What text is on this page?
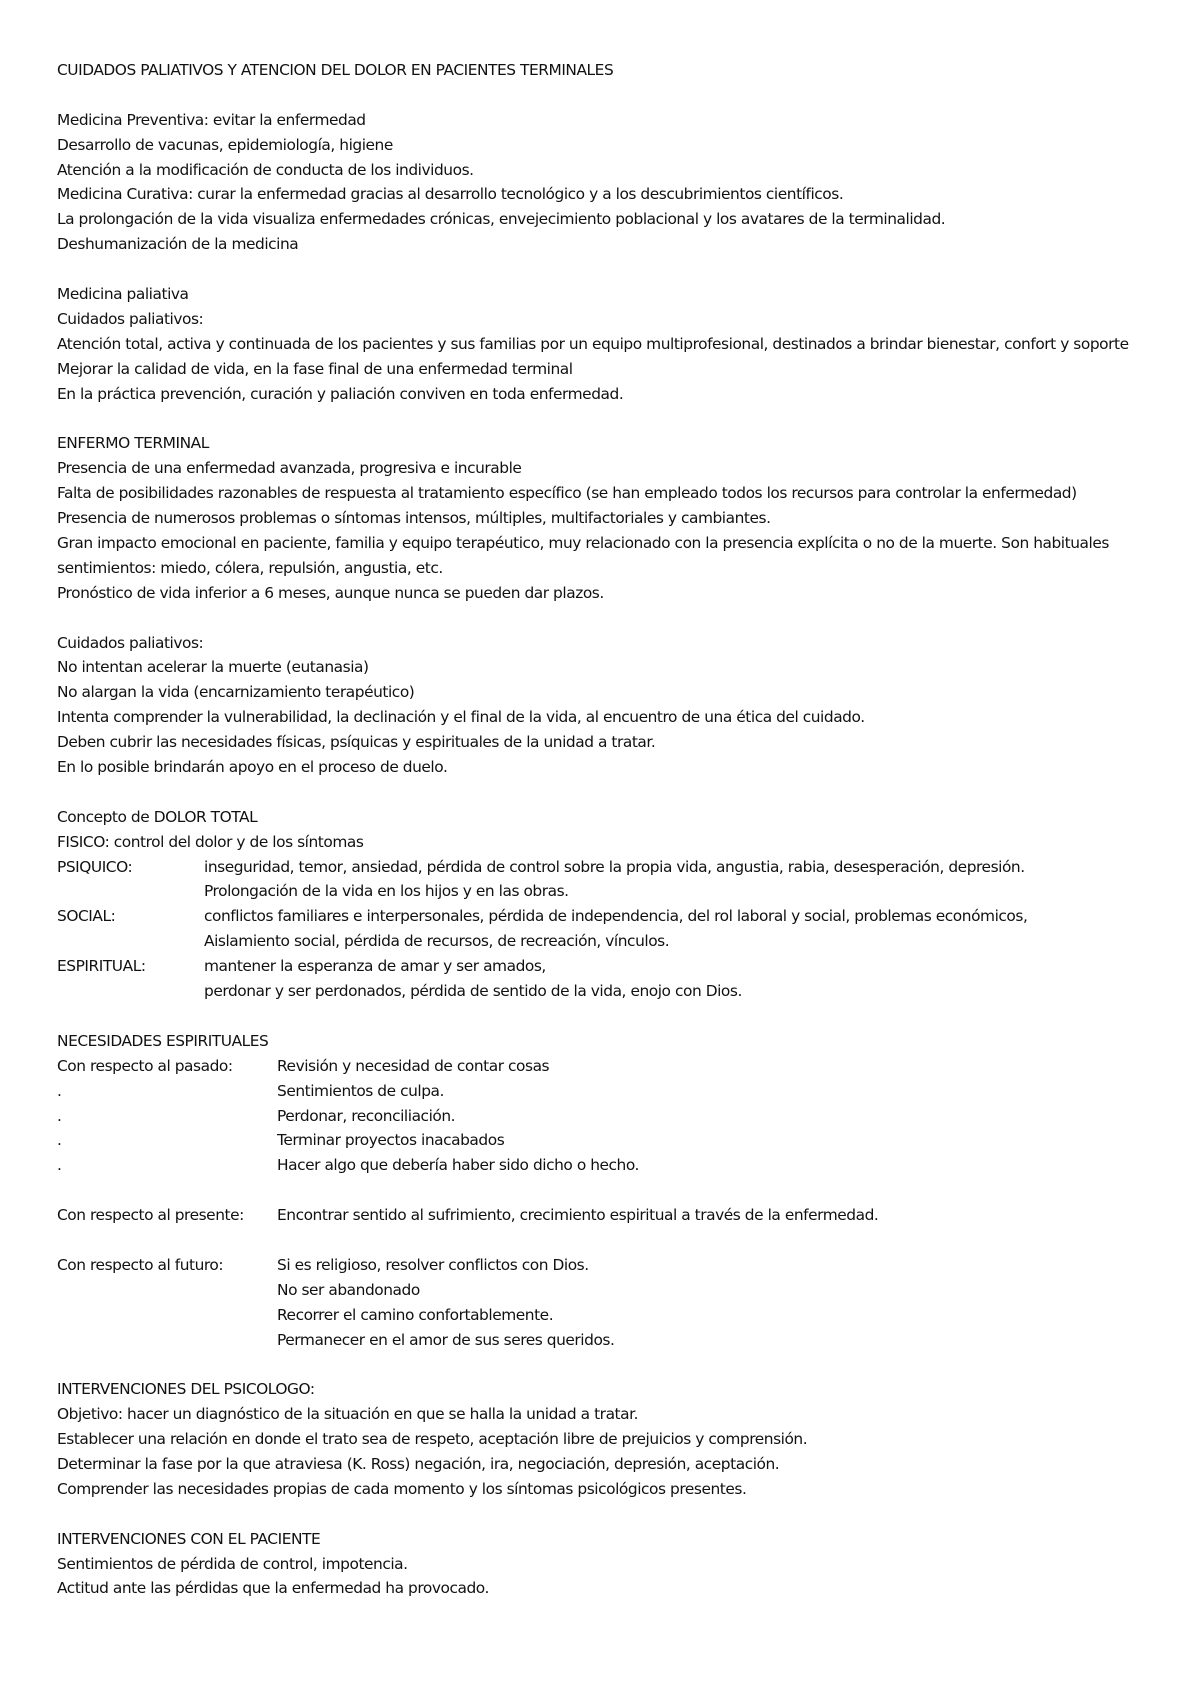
CUIDADOS PALIATIVOS Y ATENCION DEL DOLOR EN PACIENTES TERMINALES
Medicina Preventiva: evitar la enfermedad
Desarrollo de vacunas, epidemiología, higiene
Atención a la modificación de conducta de los individuos.
Medicina Curativa: curar la enfermedad gracias al desarrollo tecnológico y a los descubrimientos científicos.
La prolongación de la vida visualiza enfermedades crónicas, envejecimiento poblacional y los avatares de la terminalidad.
Deshumanización de la medicina
Medicina paliativa
Cuidados paliativos:
Atención total, activa y continuada de los pacientes y sus familias por un equipo multiprofesional, destinados a brindar bienestar, confort y soporte
Mejorar la calidad de vida, en la fase final de una enfermedad terminal
En la práctica prevención, curación y paliación conviven en toda enfermedad.
ENFERMO TERMINAL
Presencia de una enfermedad avanzada, progresiva e incurable
Falta de posibilidades razonables de respuesta al tratamiento específico (se han empleado todos los recursos para controlar la enfermedad)
Presencia de numerosos problemas o síntomas intensos, múltiples, multifactoriales y cambiantes.
Gran impacto emocional en paciente, familia y equipo terapéutico, muy relacionado con la presencia explícita o no de la muerte. Son habituales sentimientos: miedo, cólera, repulsión, angustia, etc.
Pronóstico de vida inferior a 6 meses, aunque nunca se pueden dar plazos.
Cuidados paliativos:
No intentan acelerar la muerte (eutanasia)
No alargan la vida (encarnizamiento terapéutico)
Intenta comprender la vulnerabilidad, la declinación y el final de la vida, al encuentro de una ética del cuidado.
Deben cubrir las necesidades físicas, psíquicas y espirituales de la unidad a tratar.
En lo posible brindarán apoyo en el proceso de duelo.
Concepto de DOLOR TOTAL
FISICO: control del dolor y de los síntomas
PSIQUICO:	inseguridad, temor, ansiedad, pérdida de control sobre la propia vida, angustia, rabia, desesperación, depresión.
Prolongación de la vida en los hijos y en las obras.
SOCIAL:	conflictos familiares e interpersonales, pérdida de independencia, del rol laboral y social, problemas económicos,
Aislamiento social, pérdida de recursos, de recreación, vínculos.
ESPIRITUAL:	mantener la esperanza de amar y ser amados,
perdonar y ser perdonados, pérdida de sentido de la vida, enojo con Dios.
NECESIDADES ESPIRITUALES
Con respecto al pasado:	Revisión y necesidad de contar cosas
.	Sentimientos de culpa.
.	Perdonar, reconciliación.
.	Terminar proyectos inacabados
.	Hacer algo que debería haber sido dicho o hecho.
Con respecto al presente:	Encontrar sentido al sufrimiento, crecimiento espiritual a través de la enfermedad.
Con respecto al futuro:	Si es religioso, resolver conflictos con Dios.
No ser abandonado
Recorrer el camino confortablemente.
Permanecer en el amor de sus seres queridos.
INTERVENCIONES DEL PSICOLOGO:
Objetivo: hacer un diagnóstico de la situación en que se halla la unidad a tratar.
Establecer una relación en donde el trato sea de respeto, aceptación libre de prejuicios y comprensión.
Determinar la fase por la que atraviesa (K. Ross) negación, ira, negociación, depresión, aceptación.
Comprender las necesidades propias de cada momento y los síntomas psicológicos presentes.
INTERVENCIONES CON EL PACIENTE
Sentimientos de pérdida de control, impotencia.
Actitud ante las pérdidas que la enfermedad ha provocado.
